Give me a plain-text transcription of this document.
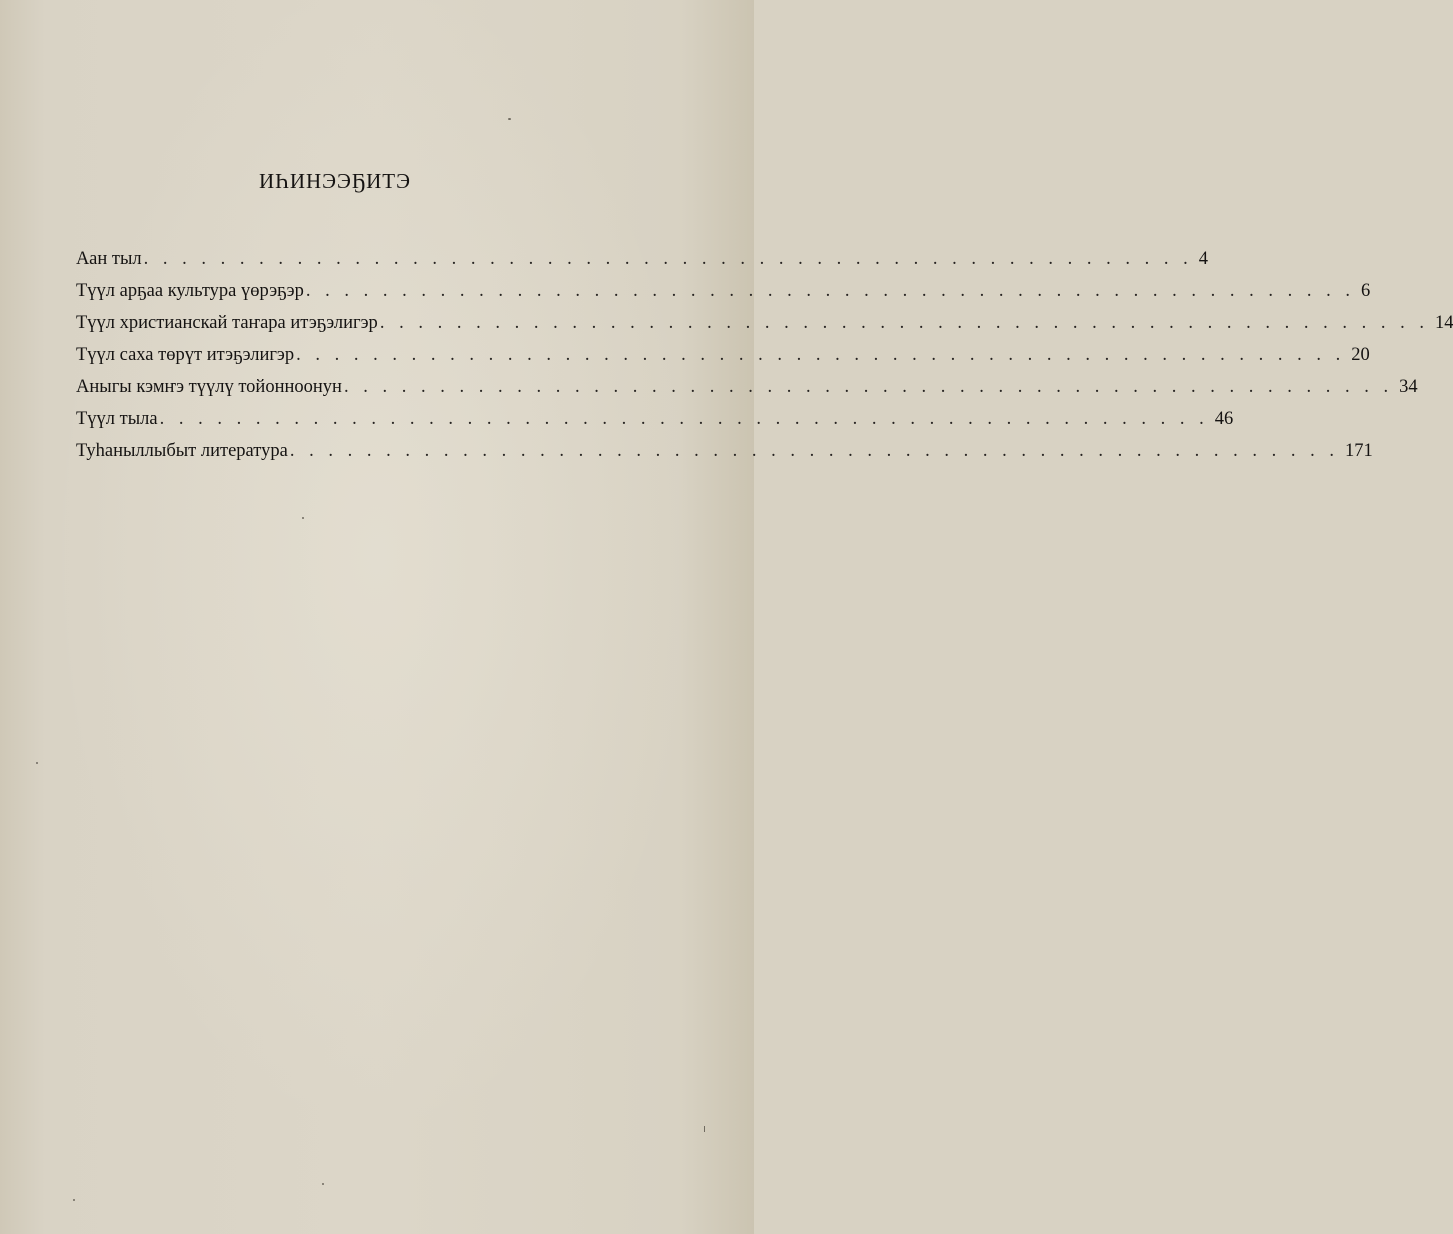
ИҺИНЭЭҔИТЭ
Аан тыл . . . . . . . . . . . . . . . . . . . . . . . . . . . . . . . . . . . . . . . . . . . . . . . . . . . . . . . 4
Түүл арҕаа культура үөрэҕэр . . . . . . . . . . . . . . . . . . . . . . . . . . . . . . . . . . . . . . . . . . . . . . . . . . . . . . . 6
Түүл христианскай таҥара итэҕэлигэр . . . . . . . . . . . . . . . . . . . . . . . . . . . . . . . . . . . . . . . . . . . . . . . . . . . . . . . 14
Түүл саха төрүт итэҕэлигэр . . . . . . . . . . . . . . . . . . . . . . . . . . . . . . . . . . . . . . . . . . . . . . . . . . . . . . . 20
Аныгы кэмҥэ түүлү тойонноонун . . . . . . . . . . . . . . . . . . . . . . . . . . . . . . . . . . . . . . . . . . . . . . . . . . . . . . . 34
Түүл тыла . . . . . . . . . . . . . . . . . . . . . . . . . . . . . . . . . . . . . . . . . . . . . . . . . . . . . . . 46
Туһаныллыбыт литература . . . . . . . . . . . . . . . . . . . . . . . . . . . . . . . . . . . . . . . . . . . . . . . . . . . . . . . 171
